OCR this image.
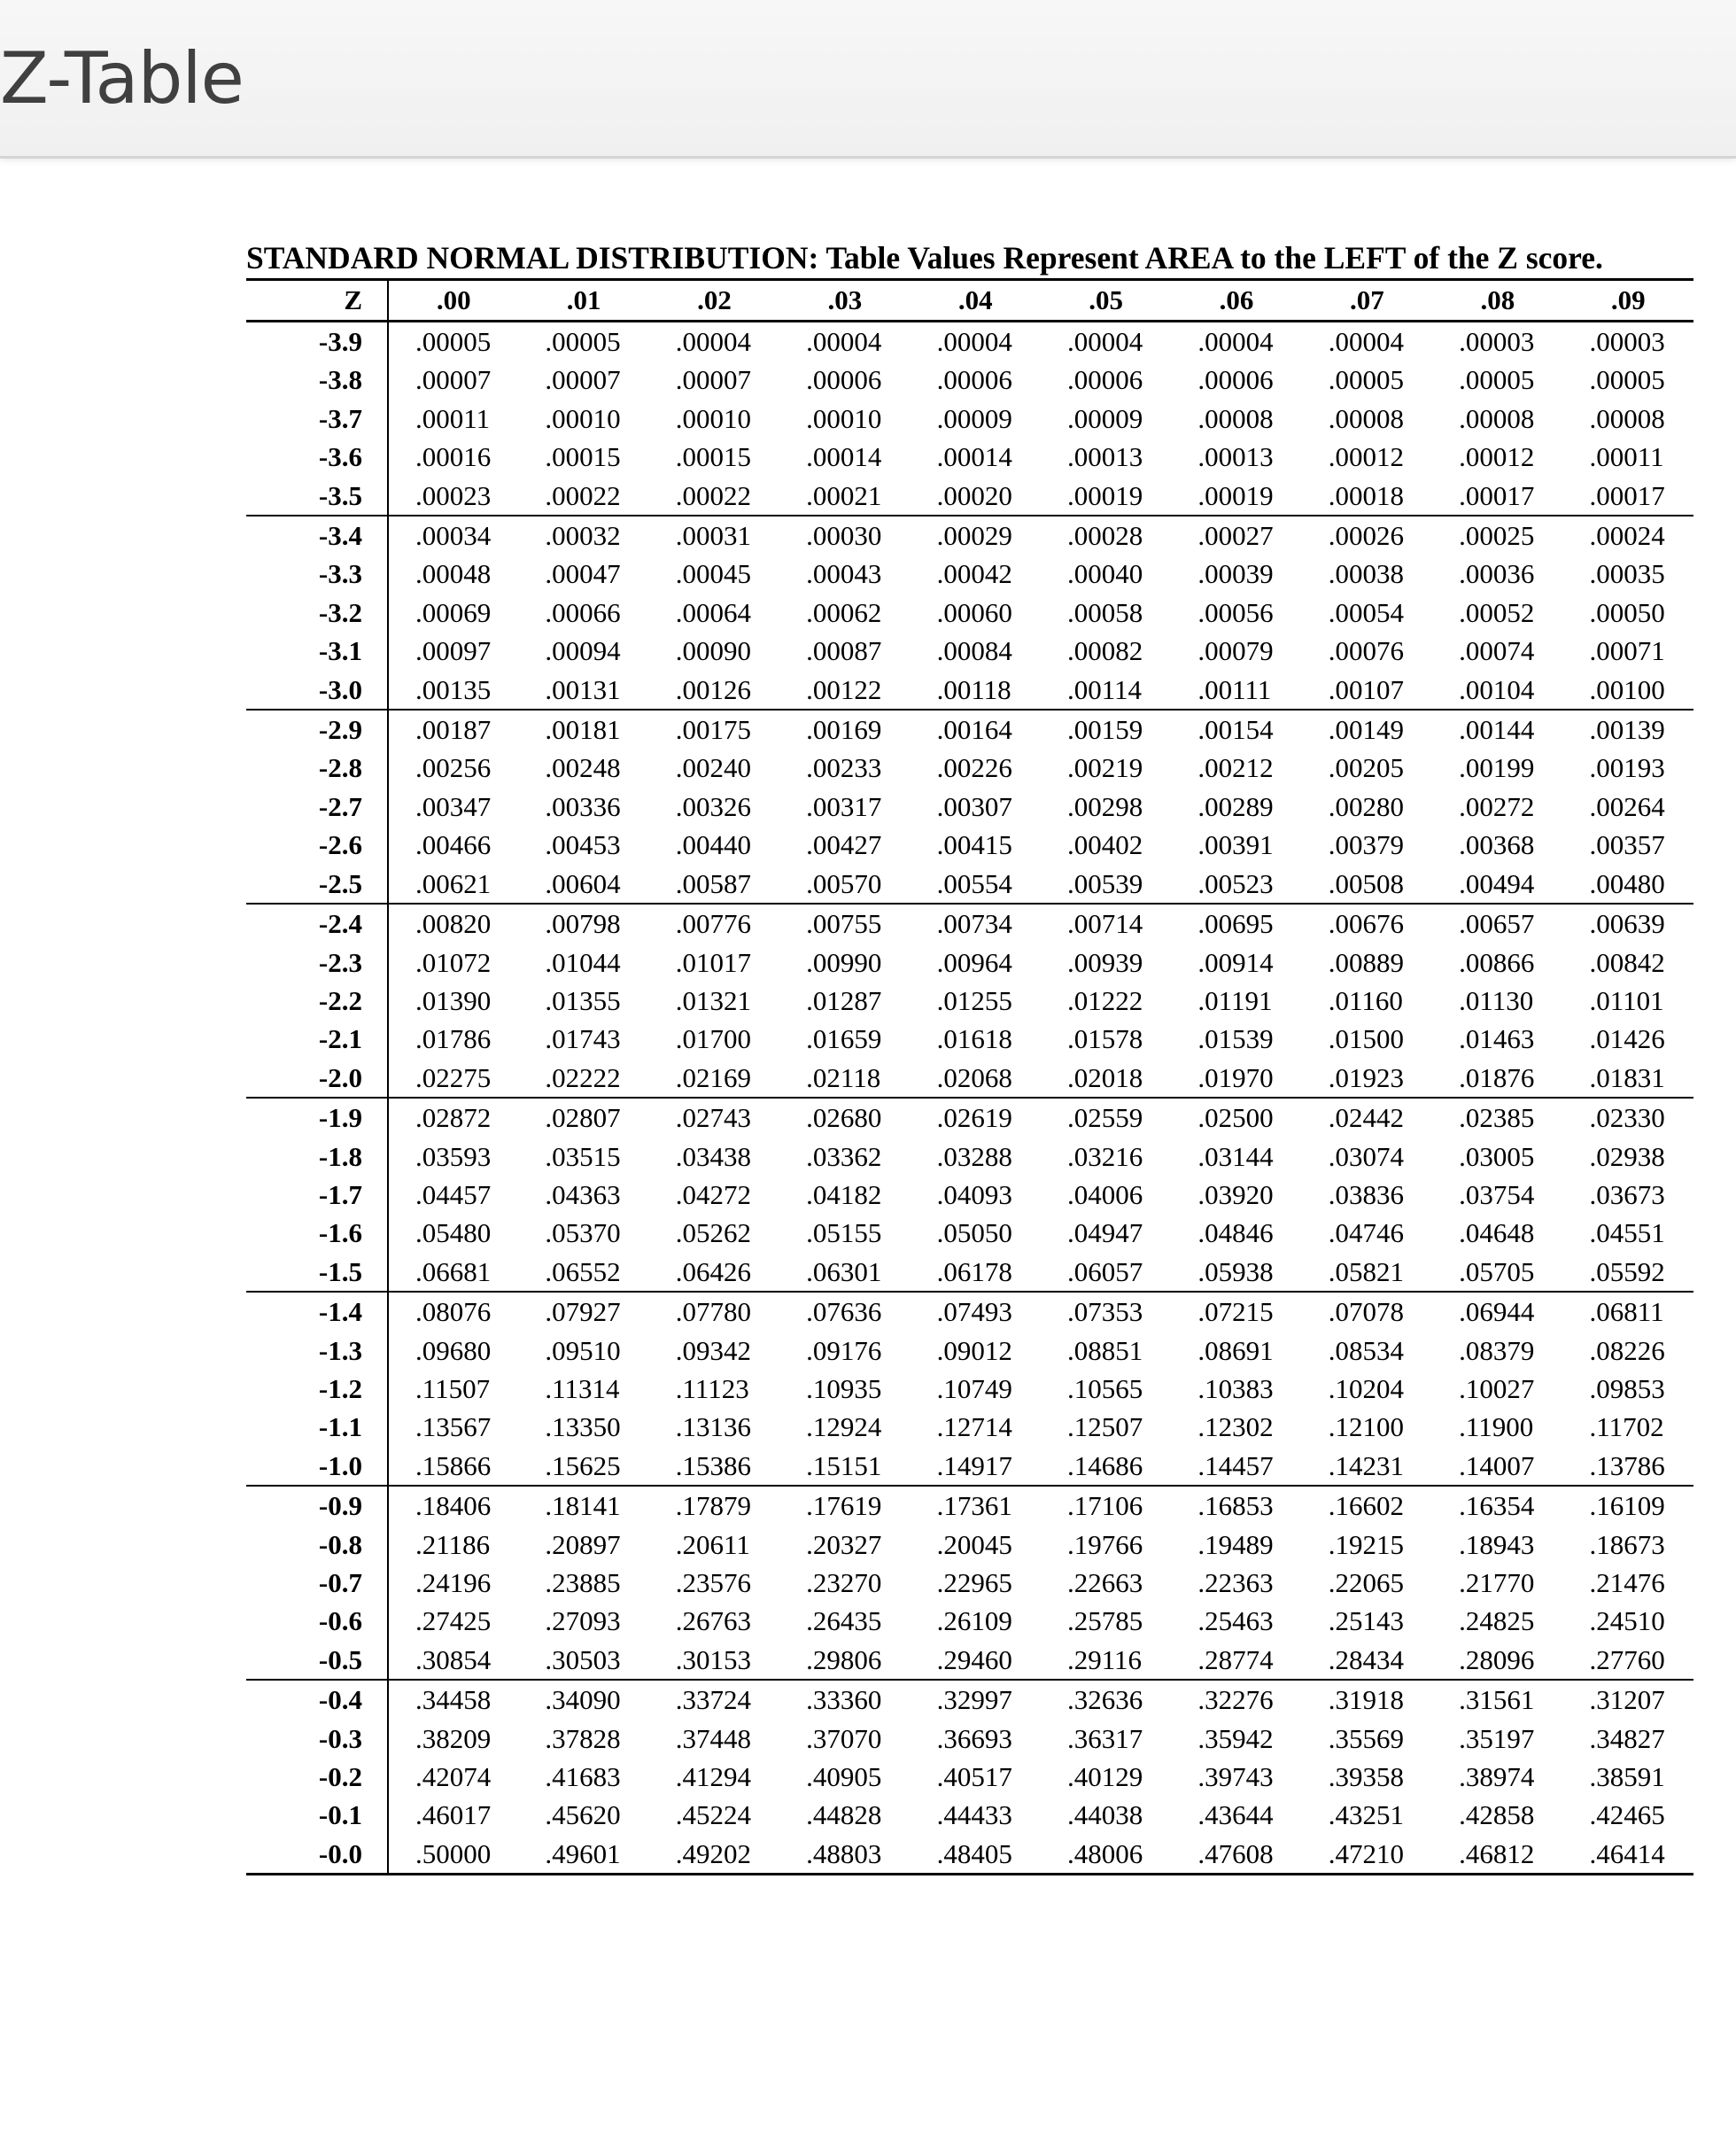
Z-Table
STANDARD NORMAL DISTRIBUTION: Table Values Represent AREA to the LEFT of the Z score.
Z	.00	.01	.02	.03	.04	.05	.06	.07	.08	.09
-3.9	.00005	.00005	.00004	.00004	.00004	.00004	.00004	.00004	.00003	.00003
-3.8	.00007	.00007	.00007	.00006	.00006	.00006	.00006	.00005	.00005	.00005
-3.7	.00011	.00010	.00010	.00010	.00009	.00009	.00008	.00008	.00008	.00008
-3.6	.00016	.00015	.00015	.00014	.00014	.00013	.00013	.00012	.00012	.00011
-3.5	.00023	.00022	.00022	.00021	.00020	.00019	.00019	.00018	.00017	.00017
-3.4	.00034	.00032	.00031	.00030	.00029	.00028	.00027	.00026	.00025	.00024
-3.3	.00048	.00047	.00045	.00043	.00042	.00040	.00039	.00038	.00036	.00035
-3.2	.00069	.00066	.00064	.00062	.00060	.00058	.00056	.00054	.00052	.00050
-3.1	.00097	.00094	.00090	.00087	.00084	.00082	.00079	.00076	.00074	.00071
-3.0	.00135	.00131	.00126	.00122	.00118	.00114	.00111	.00107	.00104	.00100
-2.9	.00187	.00181	.00175	.00169	.00164	.00159	.00154	.00149	.00144	.00139
-2.8	.00256	.00248	.00240	.00233	.00226	.00219	.00212	.00205	.00199	.00193
-2.7	.00347	.00336	.00326	.00317	.00307	.00298	.00289	.00280	.00272	.00264
-2.6	.00466	.00453	.00440	.00427	.00415	.00402	.00391	.00379	.00368	.00357
-2.5	.00621	.00604	.00587	.00570	.00554	.00539	.00523	.00508	.00494	.00480
-2.4	.00820	.00798	.00776	.00755	.00734	.00714	.00695	.00676	.00657	.00639
-2.3	.01072	.01044	.01017	.00990	.00964	.00939	.00914	.00889	.00866	.00842
-2.2	.01390	.01355	.01321	.01287	.01255	.01222	.01191	.01160	.01130	.01101
-2.1	.01786	.01743	.01700	.01659	.01618	.01578	.01539	.01500	.01463	.01426
-2.0	.02275	.02222	.02169	.02118	.02068	.02018	.01970	.01923	.01876	.01831
-1.9	.02872	.02807	.02743	.02680	.02619	.02559	.02500	.02442	.02385	.02330
-1.8	.03593	.03515	.03438	.03362	.03288	.03216	.03144	.03074	.03005	.02938
-1.7	.04457	.04363	.04272	.04182	.04093	.04006	.03920	.03836	.03754	.03673
-1.6	.05480	.05370	.05262	.05155	.05050	.04947	.04846	.04746	.04648	.04551
-1.5	.06681	.06552	.06426	.06301	.06178	.06057	.05938	.05821	.05705	.05592
-1.4	.08076	.07927	.07780	.07636	.07493	.07353	.07215	.07078	.06944	.06811
-1.3	.09680	.09510	.09342	.09176	.09012	.08851	.08691	.08534	.08379	.08226
-1.2	.11507	.11314	.11123	.10935	.10749	.10565	.10383	.10204	.10027	.09853
-1.1	.13567	.13350	.13136	.12924	.12714	.12507	.12302	.12100	.11900	.11702
-1.0	.15866	.15625	.15386	.15151	.14917	.14686	.14457	.14231	.14007	.13786
-0.9	.18406	.18141	.17879	.17619	.17361	.17106	.16853	.16602	.16354	.16109
-0.8	.21186	.20897	.20611	.20327	.20045	.19766	.19489	.19215	.18943	.18673
-0.7	.24196	.23885	.23576	.23270	.22965	.22663	.22363	.22065	.21770	.21476
-0.6	.27425	.27093	.26763	.26435	.26109	.25785	.25463	.25143	.24825	.24510
-0.5	.30854	.30503	.30153	.29806	.29460	.29116	.28774	.28434	.28096	.27760
-0.4	.34458	.34090	.33724	.33360	.32997	.32636	.32276	.31918	.31561	.31207
-0.3	.38209	.37828	.37448	.37070	.36693	.36317	.35942	.35569	.35197	.34827
-0.2	.42074	.41683	.41294	.40905	.40517	.40129	.39743	.39358	.38974	.38591
-0.1	.46017	.45620	.45224	.44828	.44433	.44038	.43644	.43251	.42858	.42465
-0.0	.50000	.49601	.49202	.48803	.48405	.48006	.47608	.47210	.46812	.46414
